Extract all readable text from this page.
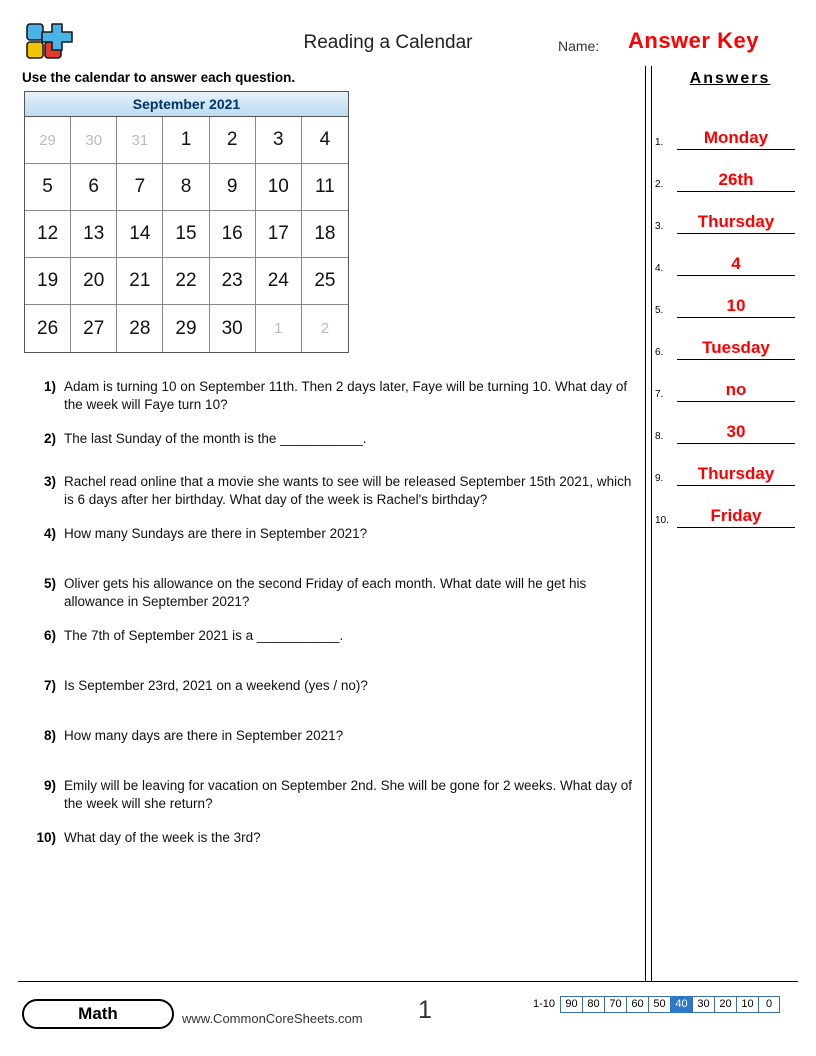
Reading a Calendar	Name: Answer Key
Use the calendar to answer each question.
September 2021
29	30	31	1	2	3	4
5	6	7	8	9	10	11
12	13	14	15	16	17	18
19	20	21	22	23	24	25
26	27	28	29	30	1	2
1) Adam is turning 10 on September 11th. Then 2 days later, Faye will be turning 10. What day of the week will Faye turn 10?
2) The last Sunday of the month is the ___________.
3) Rachel read online that a movie she wants to see will be released September 15th 2021, which is 6 days after her birthday. What day of the week is Rachel's birthday?
4) How many Sundays are there in September 2021?
5) Oliver gets his allowance on the second Friday of each month. What date will he get his allowance in September 2021?
6) The 7th of September 2021 is a ___________.
7) Is September 23rd, 2021 on a weekend (yes / no)?
8) How many days are there in September 2021?
9) Emily will be leaving for vacation on September 2nd. She will be gone for 2 weeks. What day of the week will she return?
10) What day of the week is the 3rd?
Answers
1.	Monday
2.	26th
3.	Thursday
4.	4
5.	10
6.	Tuesday
7.	no
8.	30
9.	Thursday
10.	Friday
Math	www.CommonCoreSheets.com 1	1-10 90 80 70 60 50 40 30 20 10	0
